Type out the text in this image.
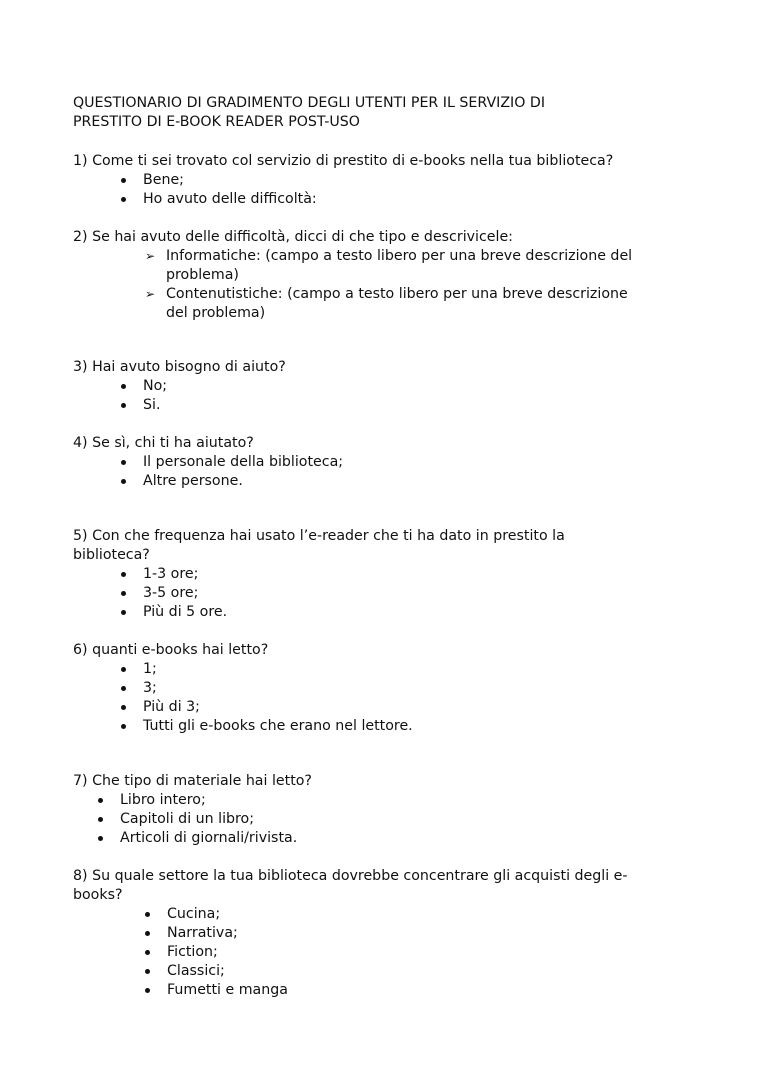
QUESTIONARIO DI GRADIMENTO DEGLI UTENTI PER IL SERVIZIO DI
PRESTITO DI E-BOOK READER POST-USO
1) Come ti sei trovato col servizio di prestito di e-books nella tua biblioteca?
Bene;
Ho avuto delle difficoltà:
2) Se hai avuto delle difficoltà, dicci di che tipo e descrivicele:
➢ Informatiche: (campo a testo libero per una breve descrizione del
problema)
➢ Contenutistiche: (campo a testo libero per una breve descrizione
del problema)
3) Hai avuto bisogno di aiuto?
No;
Si.
4) Se sì, chi ti ha aiutato?
Il personale della biblioteca;
Altre persone.
5) Con che frequenza hai usato l’e-reader che ti ha dato in prestito la
biblioteca?
1-3 ore;
3-5 ore;
Più di 5 ore.
6) quanti e-books hai letto?
1;
3;
Più di 3;
Tutti gli e-books che erano nel lettore.
7) Che tipo di materiale hai letto?
Libro intero;
Capitoli di un libro;
Articoli di giornali/rivista.
8) Su quale settore la tua biblioteca dovrebbe concentrare gli acquisti degli e-
books?
Cucina;
Narrativa;
Fiction;
Classici;
Fumetti e manga
